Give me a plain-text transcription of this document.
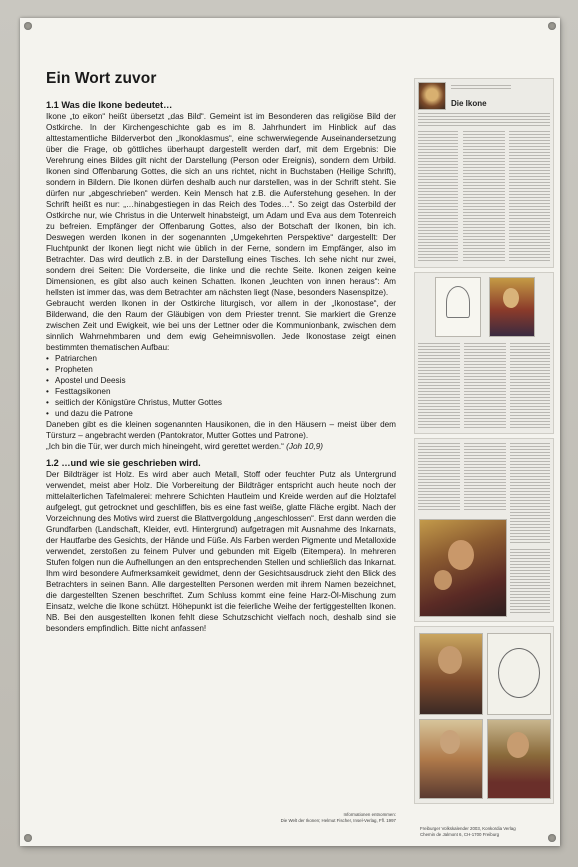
Ein Wort zuvor
1.1 Was die Ikone bedeutet…

Ikone „to eikon“ heißt übersetzt „das Bild“. Gemeint ist im Besonderen das religiöse Bild der Ostkirche. In der Kirchengeschichte gab es im 8. Jahrhundert im Hinblick auf das alttestamentliche Bilderverbot den „Ikonoklasmus“, eine schwerwiegende Auseinandersetzung über die Frage, ob göttliches überhaupt dargestellt werden darf, mit dem Ergebnis: Die Verehrung eines Bildes gilt nicht der Darstellung (Person oder Ereignis), sondern dem Urbild. Ikonen sind Offenbarung Gottes, die sich an uns richtet, nicht in Buchstaben (Heilige Schrift), sondern in Bildern. Die Ikonen dürfen deshalb auch nur darstellen, was in der Schrift steht. Sie dürfen nur „abgeschrieben“ werden. Kein Mensch hat z.B. die Auferstehung gesehen. In der Schrift heißt es nur: „…hinabgestiegen in das Reich des Todes…“. So zeigt das Osterbild der Ostkirche nur, wie Christus in die Unterwelt hinabsteigt, um Adam und Eva aus dem Totenreich zu befreien. Empfänger der Offenbarung Gottes, also der Botschaft der Ikonen, bin ich. Deswegen werden Ikonen in der sogenannten „Umgekehrten Perspektive“ dargestellt: Der Fluchtpunkt der Ikonen liegt nicht wie üblich in der Ferne, sondern im Empfänger, also im Betrachter. Das wird deutlich z.B. in der Darstellung eines Tisches. Ich sehe nicht nur zwei, sondern drei Seiten: Die Vorderseite, die linke und die rechte Seite. Ikonen zeigen keine Dimensionen, es gibt also auch keinen Schatten. Ikonen „leuchten von innen heraus“: Am hellsten ist immer das, was dem Betrachter am nächsten liegt (Nase, besonders Nasenspitze).

Gebraucht werden Ikonen in der Ostkirche liturgisch, vor allem in der „Ikonostase“, der Bilderwand, die den Raum der Gläubigen von dem Priester trennt. Sie markiert die Grenze zwischen Zeit und Ewigkeit, wie bei uns der Lettner oder die Kommunionbank, zwischen dem sinnlich Wahrnehmbaren und dem ewig Geheimnisvollen. Jede Ikonostase zeigt einen bestimmten thematischen Aufbau:

• Patriarchen
• Propheten
• Apostel und Deesis
• Festtagsikonen
• seitlich der Königstüre Christus, Mutter Gottes
• und dazu die Patrone

Daneben gibt es die kleinen sogenannten Hausikonen, die in den Häusern – meist über dem Türsturz – angebracht werden (Pantokrator, Mutter Gottes und Patrone).

„Ich bin die Tür, wer durch mich hineingeht, wird gerettet werden.“ (Joh 10,9)

1.2 …und wie sie geschrieben wird.

Der Bildträger ist Holz. Es wird aber auch Metall, Stoff oder feuchter Putz als Untergrund verwendet, meist aber Holz. Die Vorbereitung der Bildträger entspricht auch heute noch der mittelalterlichen Tafelmalerei: mehrere Schichten Hautleim und Kreide werden auf die Holztafel aufgelegt, gut getrocknet und geschliffen, bis es eine fast weiße, glatte Fläche ergibt. Nach der Vorzeichnung des Motivs wird zuerst die Blattvergoldung „angeschlossen“. Erst dann werden die Grundfarben (Landschaft, Kleider, evtl. Hintergrund) aufgetragen mit Ausnahme des Inkarnats, der Hautfarbe des Gesichts, der Hände und Füße. Als Farben werden Pigmente und Metalloxide verwendet, zerstoßen zu feinem Pulver und gebunden mit Eigelb (Eitempera). In mehreren Stufen folgen nun die Aufhellungen an den entsprechenden Stellen und schließlich das Inkarnat. Ihm wird besondere Aufmerksamkeit gewidmet, denn der Gesichtsausdruck zieht den Blick des Betrachters in seinen Bann. Alle dargestellten Personen werden mit ihrem Namen bezeichnet, die dargestellten Szenen beschriftet. Zum Schluss kommt eine feine Harz-Öl-Mischung zum Einsatz, welche die Ikone schützt. Höhepunkt ist die feierliche Weihe der fertiggestellten Ikonen. NB. Bei den ausgestellten Ikonen fehlt diese Schutzschicht vielfach noch, deshalb sind sie besonders empfindlich. Bitte nicht anfassen!

Informationen entnommen:
Die Welt der Ikonen; Helmut Fischer, Insel-Verlag, Ffl. 1997
Die Ikone
Freiburger Volkskalender 2003, Konkordia Verlag
Chemin de Jalmont 6, CH-1700 Freiburg
